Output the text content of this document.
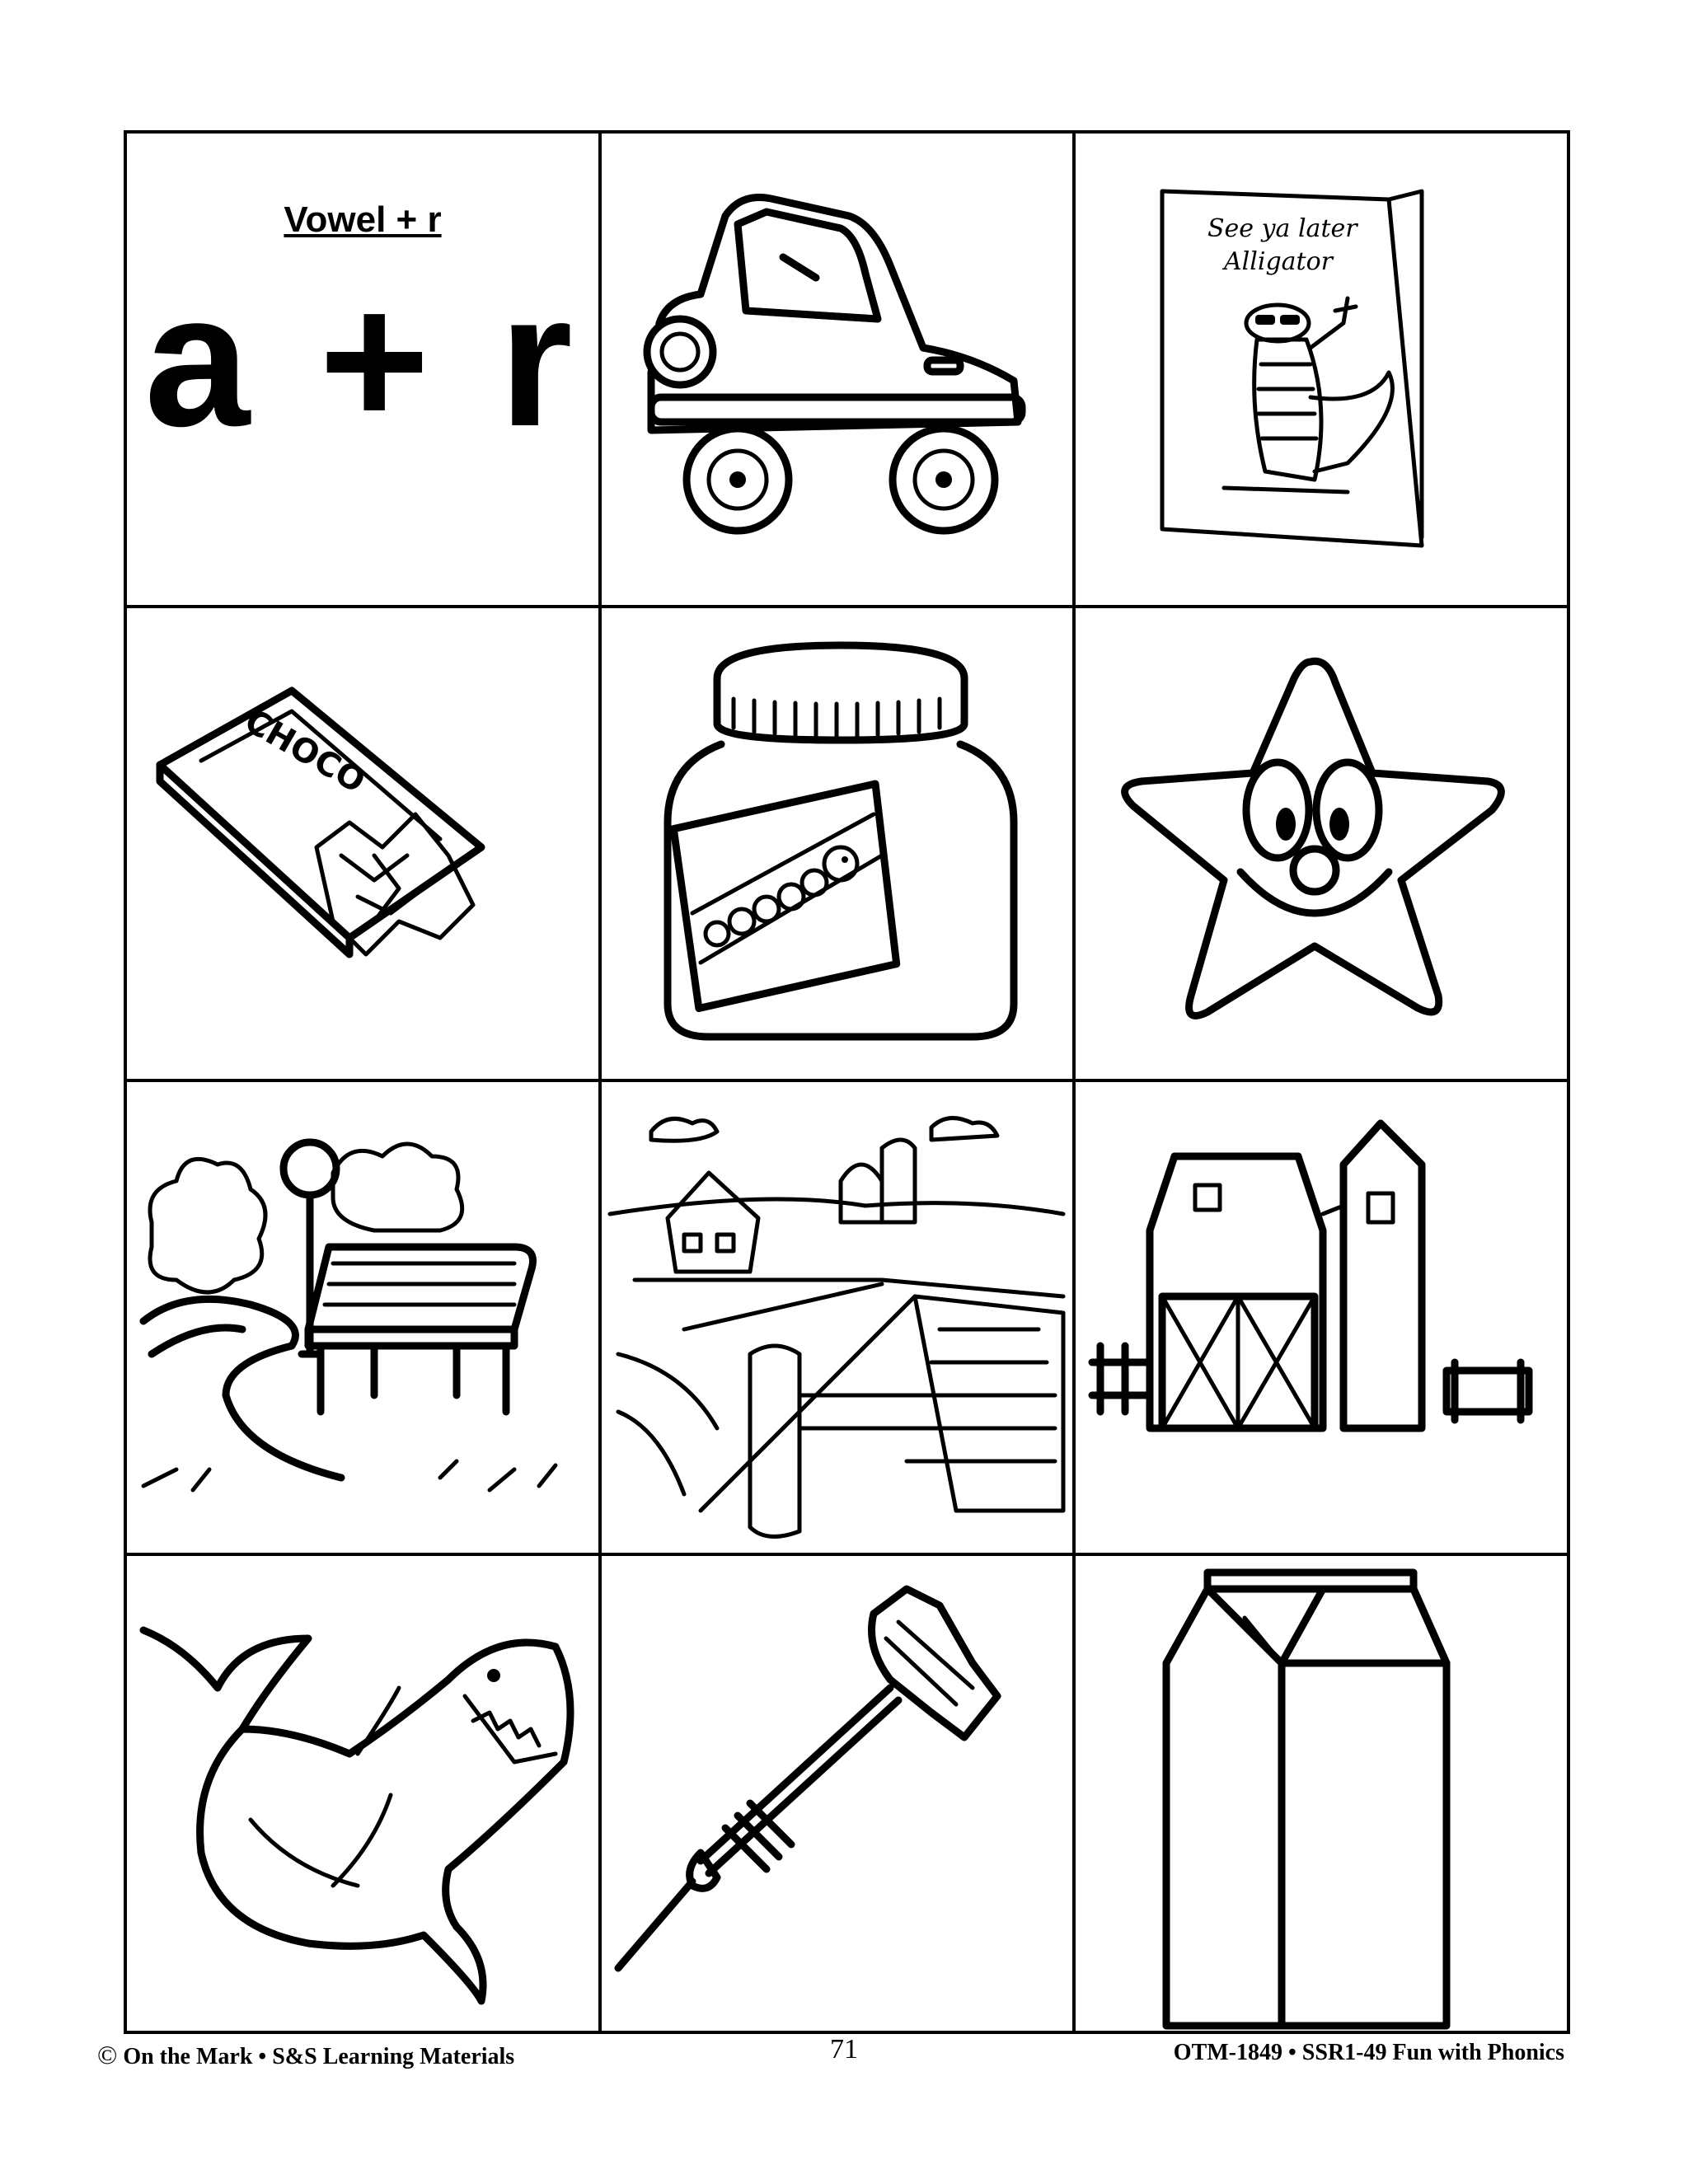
Vowel + r
a + r
See ya later
Alligator
CHOCO
© On the Mark • S&S Learning Materials	71	OTM-1849 • SSR1-49 Fun with Phonics
